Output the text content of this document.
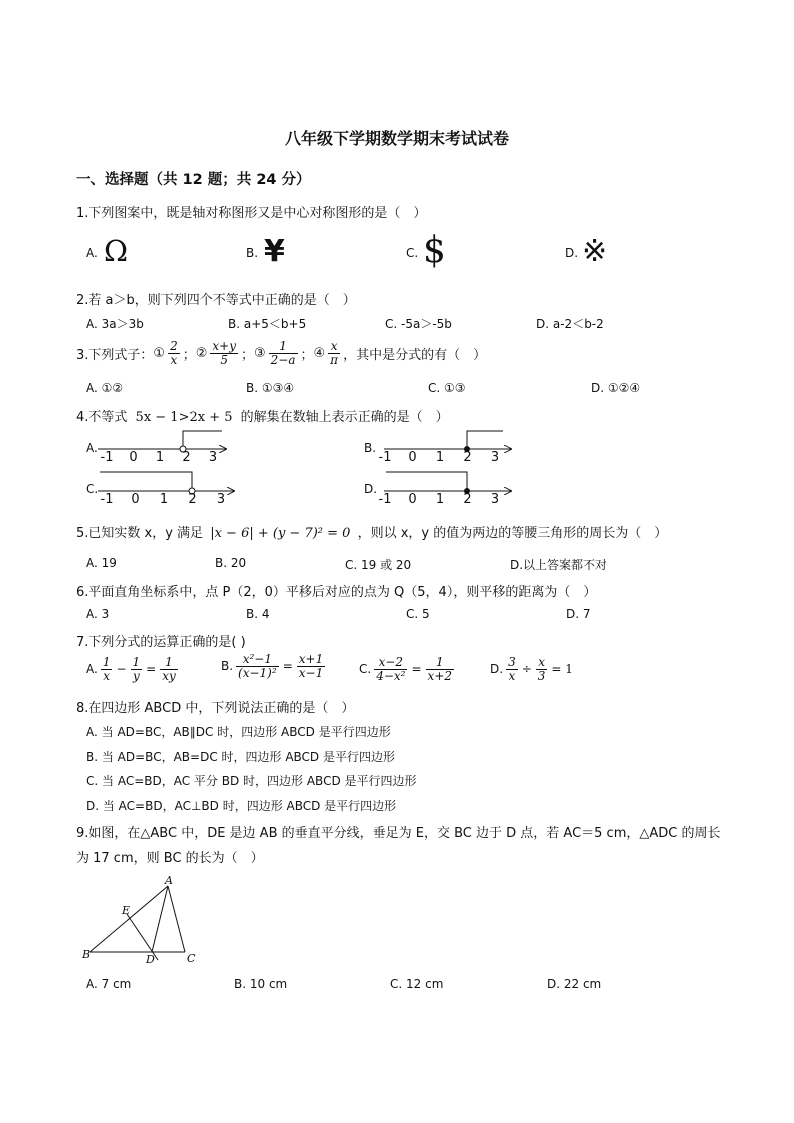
八年级下学期数学期末考试试卷
一、选择题（共 12 题；共 24 分）
1.下列图案中，既是轴对称图形又是中心对称图形的是（　）
A. Ω	B. ¥	C. $	D. ※
2.若 a＞b，则下列四个不等式中正确的是（　）
A. 3a＞3b	B. a+5＜b+5	C. -5a＞-5b	D. a-2＜b-2
3.下列式子： ① $\frac{2}{x}$ ； ② $\frac{x+y}{5}$ ； ③ $\frac{1}{2-a}$ ； ④ $\frac{x}{\pi}$ ，其中是分式的有（　）
A. ①②	B. ①③④	C. ①③	D. ①②④
4.不等式 5x − 1>2x + 5 的解集在数轴上表示正确的是（　）
A.	B.
C.	D.
A
B	C
D
E
-1 0 1 2 3	-1 0 1 2 3
-1 0 1 2 3	-1 0 1 2 3
5.已知实数 x，y 满足 |x − 6| + (y − 7)² = 0 ，则以 x，y 的值为两边的等腰三角形的周长为（　）
A. 19	B. 20	C. 19 或 20	D.以上答案都不对
6.平面直角坐标系中，点 P（2，0）平移后对应的点为 Q（5，4），则平移的距离为（　）
A. 3	B. 4	C. 5	D. 7
7.下列分式的运算正确的是( )
A. $\frac{1}{x} - \frac{1}{y} = \frac{1}{xy}$	B. $\frac{\text{x²−1}}{\text{(x−1)²}} = \frac{x+1}{x-1}$	C. $\frac{x-2}{\text{4−x²}} = \frac{1}{x+2}$	D. $\frac{3}{x} \div \frac{x}{3} = 1$
8.在四边形 ABCD 中，下列说法正确的是（　）
A. 当 AD=BC，AB∥DC 时，四边形 ABCD 是平行四边形
B. 当 AD=BC，AB=DC 时，四边形 ABCD 是平行四边形
C. 当 AC=BD，AC 平分 BD 时，四边形 ABCD 是平行四边形
D. 当 AC=BD，AC⊥BD 时，四边形 ABCD 是平行四边形
9.如图，在△ABC 中，DE 是边 AB 的垂直平分线，垂足为 E，交 BC 边于 D 点，若 AC＝5 cm，△ADC 的周长
为 17 cm，则 BC 的长为（　）
A. 7 cm	B. 10 cm	C. 12 cm	D. 22 cm
